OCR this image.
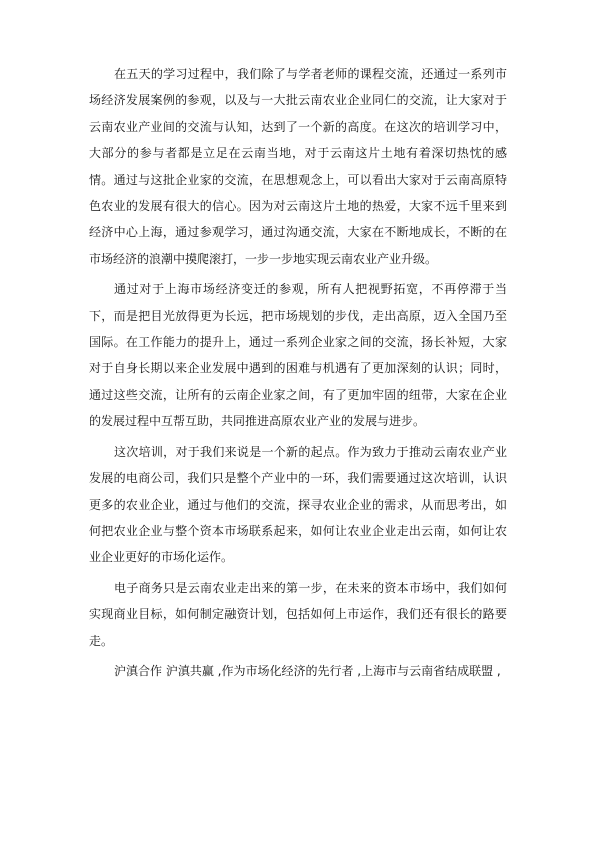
在五天的学习过程中，我们除了与学者老师的课程交流，还通过一系列市场经济发展案例的参观，以及与一大批云南农业企业同仁的交流，让大家对于云南农业产业间的交流与认知，达到了一个新的高度。在这次的培训学习中，大部分的参与者都是立足在云南当地，对于云南这片土地有着深切热忱的感情。通过与这批企业家的交流，在思想观念上，可以看出大家对于云南高原特色农业的发展有很大的信心。因为对云南这片土地的热爱，大家不远千里来到经济中心上海，通过参观学习，通过沟通交流，大家在不断地成长，不断的在市场经济的浪潮中摸爬滚打，一步一步地实现云南农业产业升级。

通过对于上海市场经济变迁的参观，所有人把视野拓宽，不再停滞于当下，而是把目光放得更为长远，把市场规划的步伐，走出高原，迈入全国乃至国际。在工作能力的提升上，通过一系列企业家之间的交流，扬长补短，大家对于自身长期以来企业发展中遇到的困难与机遇有了更加深刻的认识；同时，通过这些交流，让所有的云南企业家之间，有了更加牢固的纽带，大家在企业的发展过程中互帮互助，共同推进高原农业产业的发展与进步。

这次培训，对于我们来说是一个新的起点。作为致力于推动云南农业产业发展的电商公司，我们只是整个产业中的一环，我们需要通过这次培训，认识更多的农业企业，通过与他们的交流，探寻农业企业的需求，从而思考出，如何把农业企业与整个资本市场联系起来，如何让农业企业走出云南，如何让农业企业更好的市场化运作。

电子商务只是云南农业走出来的第一步，在未来的资本市场中，我们如何实现商业目标，如何制定融资计划，包括如何上市运作，我们还有很长的路要走。

沪滇合作 沪滇共赢 ,作为市场化经济的先行者 ,上海市与云南省结成联盟 ,
